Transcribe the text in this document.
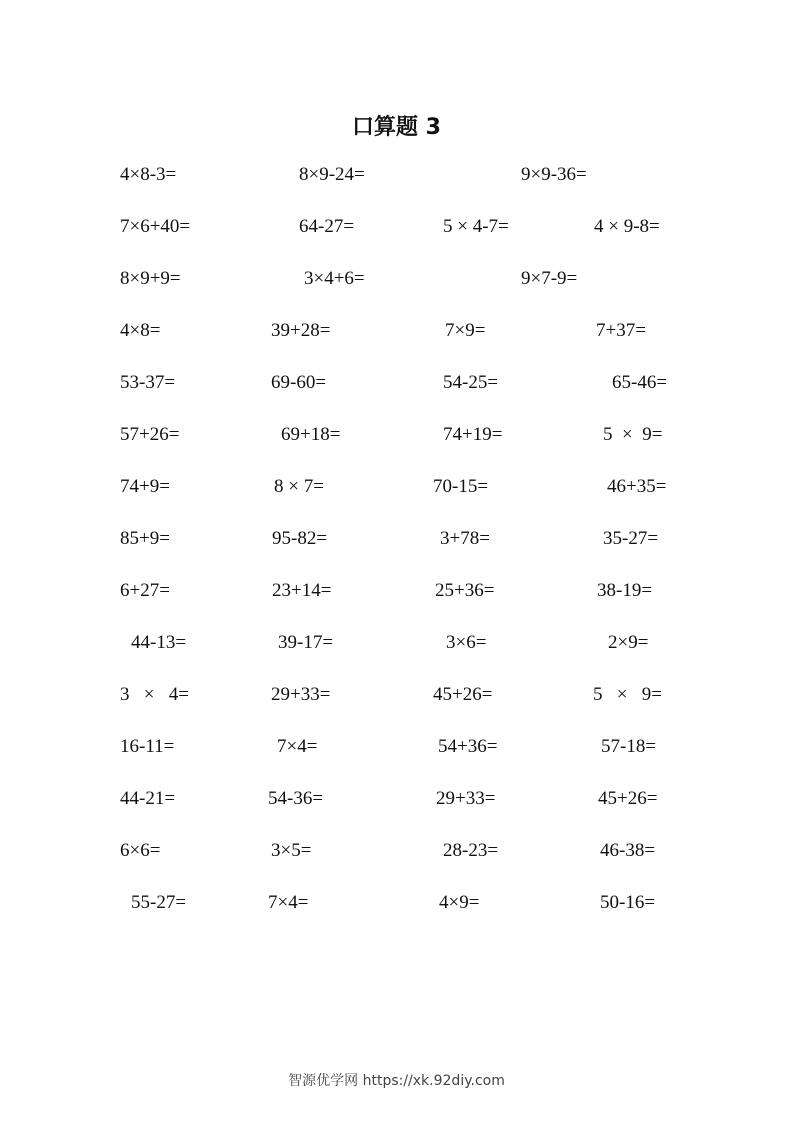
口算题 3
4×8-3=	8×9-24=	9×9-36=
7×6+40=	64-27=	5 × 4-7=	4 × 9-8=
8×9+9=	3×4+6=	9×7-9=
4×8=	39+28=	7×9=	7+37=
53-37=	69-60=	54-25=	65-46=
57+26=	69+18=	74+19=	5  ×  9=
74+9=	8 × 7=	70-15=	46+35=
85+9=	95-82=	3+78=	35-27=
6+27=	23+14=	25+36=	38-19=
44-13=	39-17=	3×6=	2×9=
3   ×   4=	29+33=	45+26=	5   ×   9=
16-11=	7×4=	54+36=	57-18=
44-21=	54-36=	29+33=	45+26=
6×6=	3×5=	28-23=	46-38=
55-27=	7×4=	4×9=	50-16=
智源优学网 https://xk.92diy.com
